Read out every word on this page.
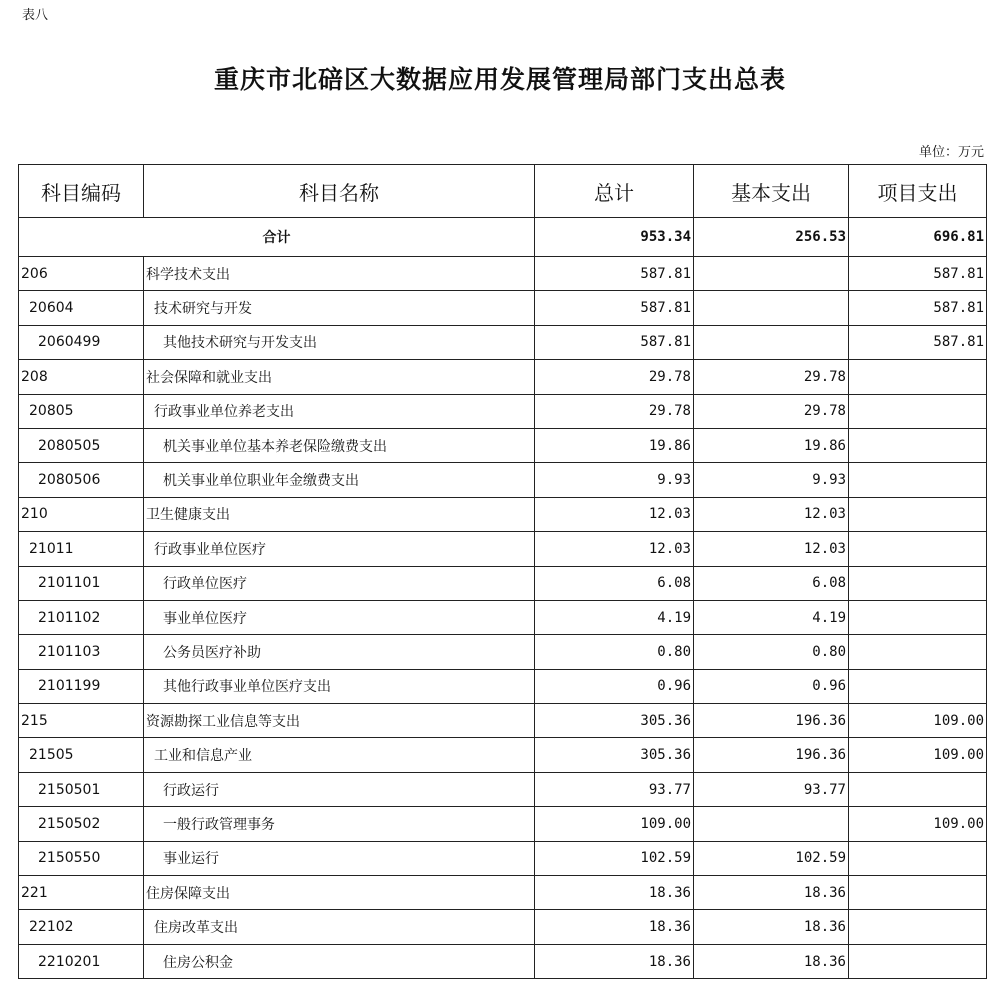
表八
重庆市北碚区大数据应用发展管理局部门支出总表
单位：万元
科目编码	科目名称	总计	基本支出	项目支出
合计		953.34	256.53	696.81
206	科学技术支出	587.81		587.81
20604	技术研究与开发	587.81		587.81
2060499	其他技术研究与开发支出	587.81		587.81
208	社会保障和就业支出	29.78	29.78	
20805	行政事业单位养老支出	29.78	29.78	
2080505	机关事业单位基本养老保险缴费支出	19.86	19.86	
2080506	机关事业单位职业年金缴费支出	9.93	9.93	
210	卫生健康支出	12.03	12.03	
21011	行政事业单位医疗	12.03	12.03	
2101101	行政单位医疗	6.08	6.08	
2101102	事业单位医疗	4.19	4.19	
2101103	公务员医疗补助	0.80	0.80	
2101199	其他行政事业单位医疗支出	0.96	0.96	
215	资源勘探工业信息等支出	305.36	196.36	109.00
21505	工业和信息产业	305.36	196.36	109.00
2150501	行政运行	93.77	93.77	
2150502	一般行政管理事务	109.00		109.00
2150550	事业运行	102.59	102.59	
221	住房保障支出	18.36	18.36	
22102	住房改革支出	18.36	18.36	
2210201	住房公积金	18.36	18.36	
